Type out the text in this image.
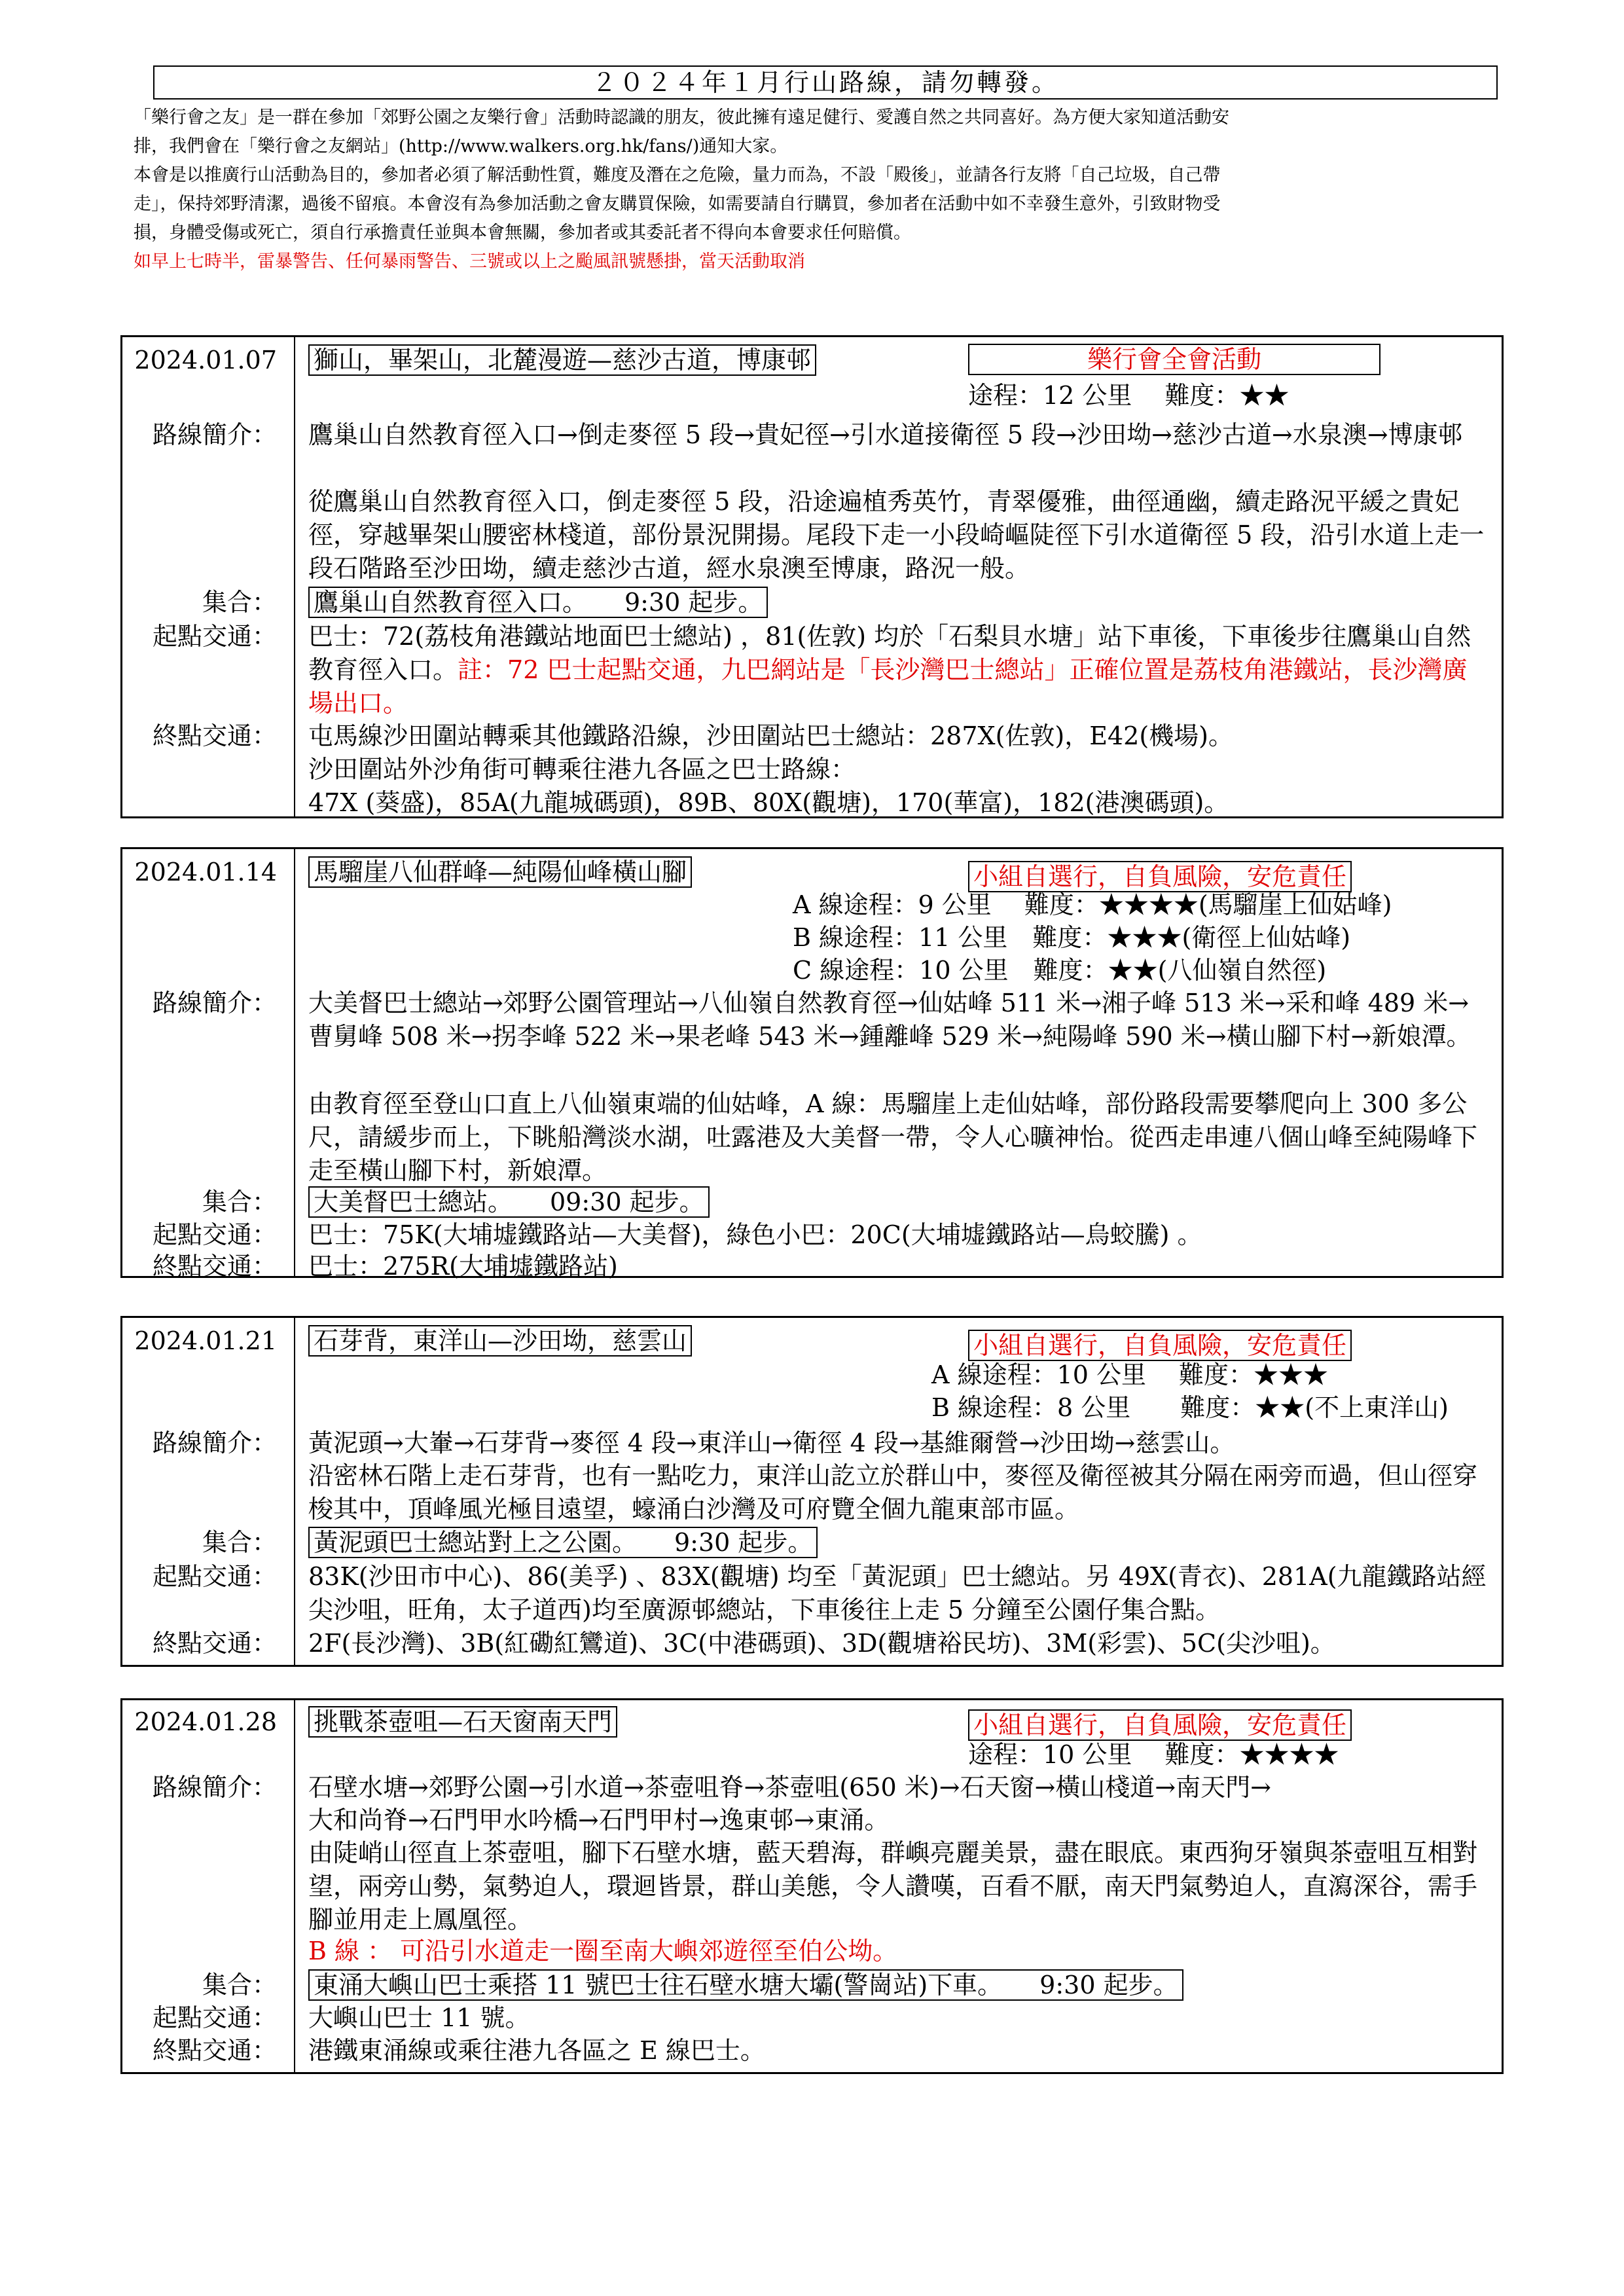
２０２４年１月行山路線，請勿轉發。

「樂行會之友」是一群在參加「郊野公園之友樂行會」活動時認識的朋友，彼此擁有遠足健行、愛護自然之共同喜好。為方便大家知道活動安

排，我們會在「樂行會之友網站」(http://www.walkers.org.hk/fans/)通知大家。

本會是以推廣行山活動為目的，參加者必須了解活動性質，難度及潛在之危險，量力而為，不設「殿後」，並請各行友將「自己垃圾，自己帶

走」，保持郊野清潔，過後不留痕。本會沒有為參加活動之會友購買保險，如需要請自行購買，參加者在活動中如不幸發生意外，引致財物受

損，身體受傷或死亡，須自行承擔責任並與本會無關，參加者或其委託者不得向本會要求任何賠償。

如早上七時半，雷暴警告、任何暴雨警告、三號或以上之颱風訊號懸掛，當天活動取消

2024.01.07 獅山，畢架山，北麓漫遊—慈沙古道，博康邨	樂行會全會活動
途程：12 公里　 難度：★★
路線簡介： 鷹巢山自然教育徑入口→倒走麥徑 5 段→貴妃徑→引水道接衛徑 5 段→沙田坳→慈沙古道→水泉澳→博康邨
從鷹巢山自然教育徑入口，倒走麥徑 5 段，沿途遍植秀英竹，青翠優雅，曲徑通幽，續走路況平緩之貴妃徑，穿越畢架山腰密林棧道，部份景況開揚。尾段下走一小段崎嶇陡徑下引水道衛徑 5 段，沿引水道上走一段石階路至沙田坳，續走慈沙古道，經水泉澳至博康，路況一般。
集合： 鷹巢山自然教育徑入口。　　9:30 起步。
起點交通： 巴士：72(荔枝角港鐵站地面巴士總站) ，81(佐敦) 均於「石梨貝水塘」站下車後，下車後步往鷹巢山自然教育徑入口。註：72 巴士起點交通，九巴網站是「長沙灣巴士總站」正確位置是荔枝角港鐵站，長沙灣廣場出口。
終點交通： 屯馬線沙田圍站轉乘其他鐵路沿線，沙田圍站巴士總站：287X(佐敦)，E42(機場)。
沙田圍站外沙角街可轉乘往港九各區之巴士路線：
47X (葵盛)，85A(九龍城碼頭)，89B、80X(觀塘)，170(華富)，182(港澳碼頭)。
2024.01.14 馬騮崖八仙群峰—純陽仙峰橫山腳	小組自選行，自負風險，安危責任
A 線途程：9 公里　 難度：★★★★(馬騮崖上仙姑峰)
B 線途程：11 公里　難度：★★★(衛徑上仙姑峰)
C 線途程：10 公里　難度：★★(八仙嶺自然徑)
路線簡介： 大美督巴士總站→郊野公園管理站→八仙嶺自然教育徑→仙姑峰 511 米→湘子峰 513 米→采和峰 489 米→曹舅峰 508 米→拐李峰 522 米→果老峰 543 米→鍾離峰 529 米→純陽峰 590 米→橫山腳下村→新娘潭。
由教育徑至登山口直上八仙嶺東端的仙姑峰，A 線：馬騮崖上走仙姑峰，部份路段需要攀爬向上 300 多公尺，請緩步而上，下眺船灣淡水湖，吐露港及大美督一帶，令人心曠神怡。從西走串連八個山峰至純陽峰下走至橫山腳下村，新娘潭。
集合： 大美督巴士總站。　　09:30 起步。
起點交通： 巴士：75K(大埔墟鐵路站—大美督)，綠色小巴：20C(大埔墟鐵路站—烏蛟騰) 。
終點交通： 巴士：275R(大埔墟鐵路站)
2024.01.21 石芽背，東洋山—沙田坳，慈雲山	小組自選行，自負風險，安危責任
A 線途程：10 公里　 難度：★★★
B 線途程：8 公里　　難度：★★(不上東洋山)
路線簡介： 黃泥頭→大輋→石芽背→麥徑 4 段→東洋山→衛徑 4 段→基維爾營→沙田坳→慈雲山。
沿密林石階上走石芽背，也有一點吃力，東洋山訖立於群山中，麥徑及衛徑被其分隔在兩旁而過，但山徑穿梭其中，頂峰風光極目遠望，蠔涌白沙灣及可府覽全個九龍東部市區。
集合： 黃泥頭巴士總站對上之公園。　　9:30 起步。
起點交通： 83K(沙田市中心)、86(美孚) 、83X(觀塘) 均至「黃泥頭」巴士總站。另 49X(青衣)、281A(九龍鐵路站經尖沙咀，旺角，太子道西)均至廣源邨總站，下車後往上走 5 分鐘至公園仔集合點。
終點交通： 2F(長沙灣)、3B(紅磡紅鸞道)、3C(中港碼頭)、3D(觀塘裕民坊)、3M(彩雲)、5C(尖沙咀)。
2024.01.28 挑戰茶壺咀—石天窗南天門	小組自選行，自負風險，安危責任
途程：10 公里　 難度：★★★★
路線簡介： 石壁水塘→郊野公園→引水道→茶壺咀脊→茶壺咀(650 米)→石天窗→橫山棧道→南天門→
大和尚脊→石門甲水吟橋→石門甲村→逸東邨→東涌。
由陡峭山徑直上茶壺咀，腳下石壁水塘，藍天碧海，群嶼亮麗美景，盡在眼底。東西狗牙嶺與茶壺咀互相對望，兩旁山勢，氣勢迫人，環迴皆景，群山美態，令人讚嘆，百看不厭，南天門氣勢迫人，直瀉深谷，需手腳並用走上鳳凰徑。
B 線 ： 可沿引水道走一圈至南大嶼郊遊徑至伯公坳。
集合： 東涌大嶼山巴士乘搭 11 號巴士往石壁水塘大壩(警崗站)下車。　　9:30 起步。
起點交通： 大嶼山巴士 11 號。
終點交通： 港鐵東涌線或乘往港九各區之 E 線巴士。
